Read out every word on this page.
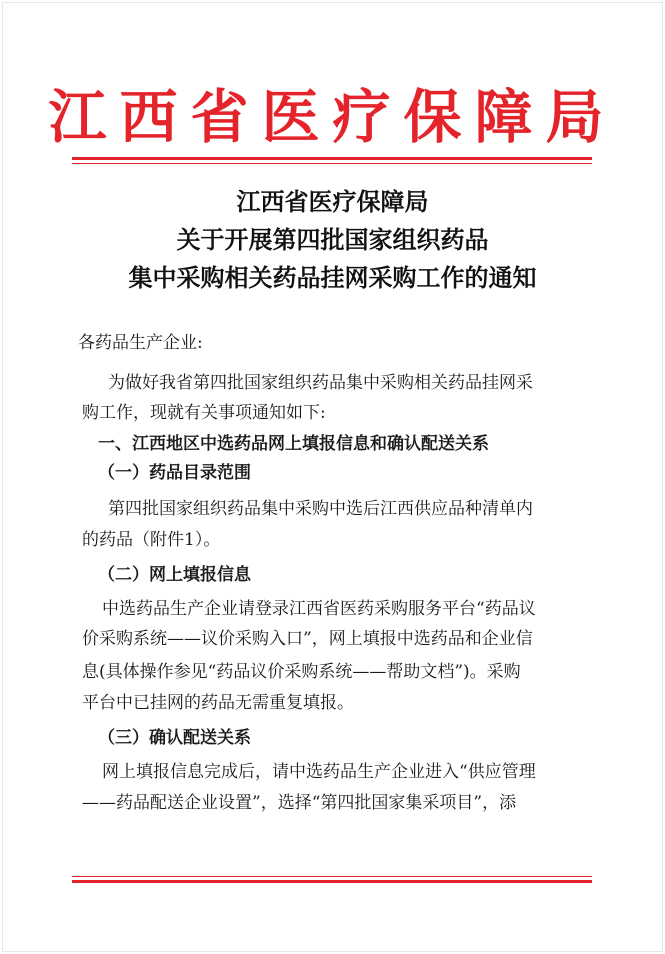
江西省医疗保障局
江西省医疗保障局
关于开展第四批国家组织药品
集中采购相关药品挂网采购工作的通知
各药品生产企业:
为做好我省第四批国家组织药品集中采购相关药品挂网采
购工作，现就有关事项通知如下:
一、江西地区中选药品网上填报信息和确认配送关系
（一）药品目录范围
第四批国家组织药品集中采购中选后江西供应品种清单内
的药品（附件1）。
（二）网上填报信息
中选药品生产企业请登录江西省医药采购服务平台“药品议
价采购系统——议价采购入口”，网上填报中选药品和企业信
息(具体操作参见“药品议价采购系统——帮助文档”)。采购
平台中已挂网的药品无需重复填报。
（三）确认配送关系
网上填报信息完成后，请中选药品生产企业进入“供应管理
——药品配送企业设置”，选择“第四批国家集采项目”，添
